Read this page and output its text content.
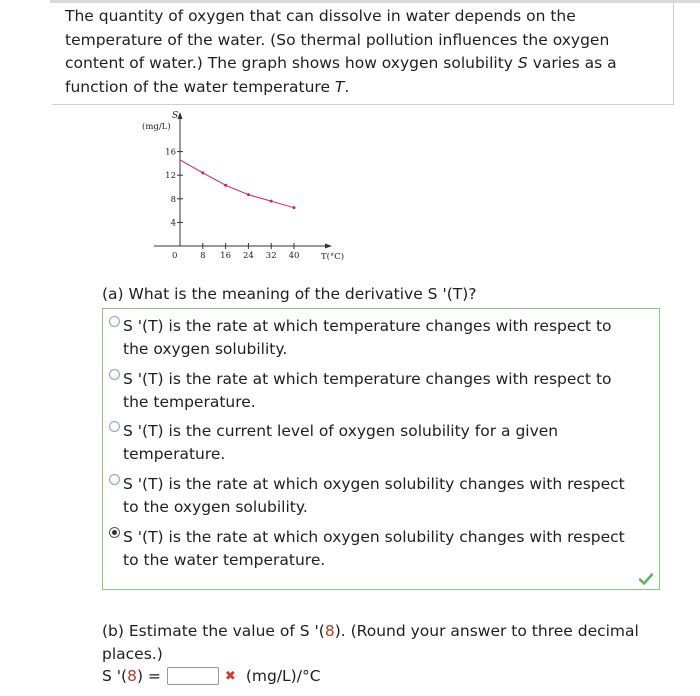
The quantity of oxygen that can dissolve in water depends on the
temperature of the water. (So thermal pollution influences the oxygen
content of water.) The graph shows how oxygen solubility S varies as a
function of the water temperature T.
S
(mg/L)
0	T(°C)
8 16 24 32 40
4
8
12
16
(a) What is the meaning of the derivative S '(T)?
S '(T) is the rate at which temperature changes with respect to
the oxygen solubility.
S '(T) is the rate at which temperature changes with respect to
the temperature.
S '(T) is the current level of oxygen solubility for a given
temperature.
S '(T) is the rate at which oxygen solubility changes with respect
to the oxygen solubility.
S '(T) is the rate at which oxygen solubility changes with respect
to the water temperature.
(b) Estimate the value of S '(8). (Round your answer to three decimal
places.)
S '( 8 ) =	✖ (mg/L)/°C
